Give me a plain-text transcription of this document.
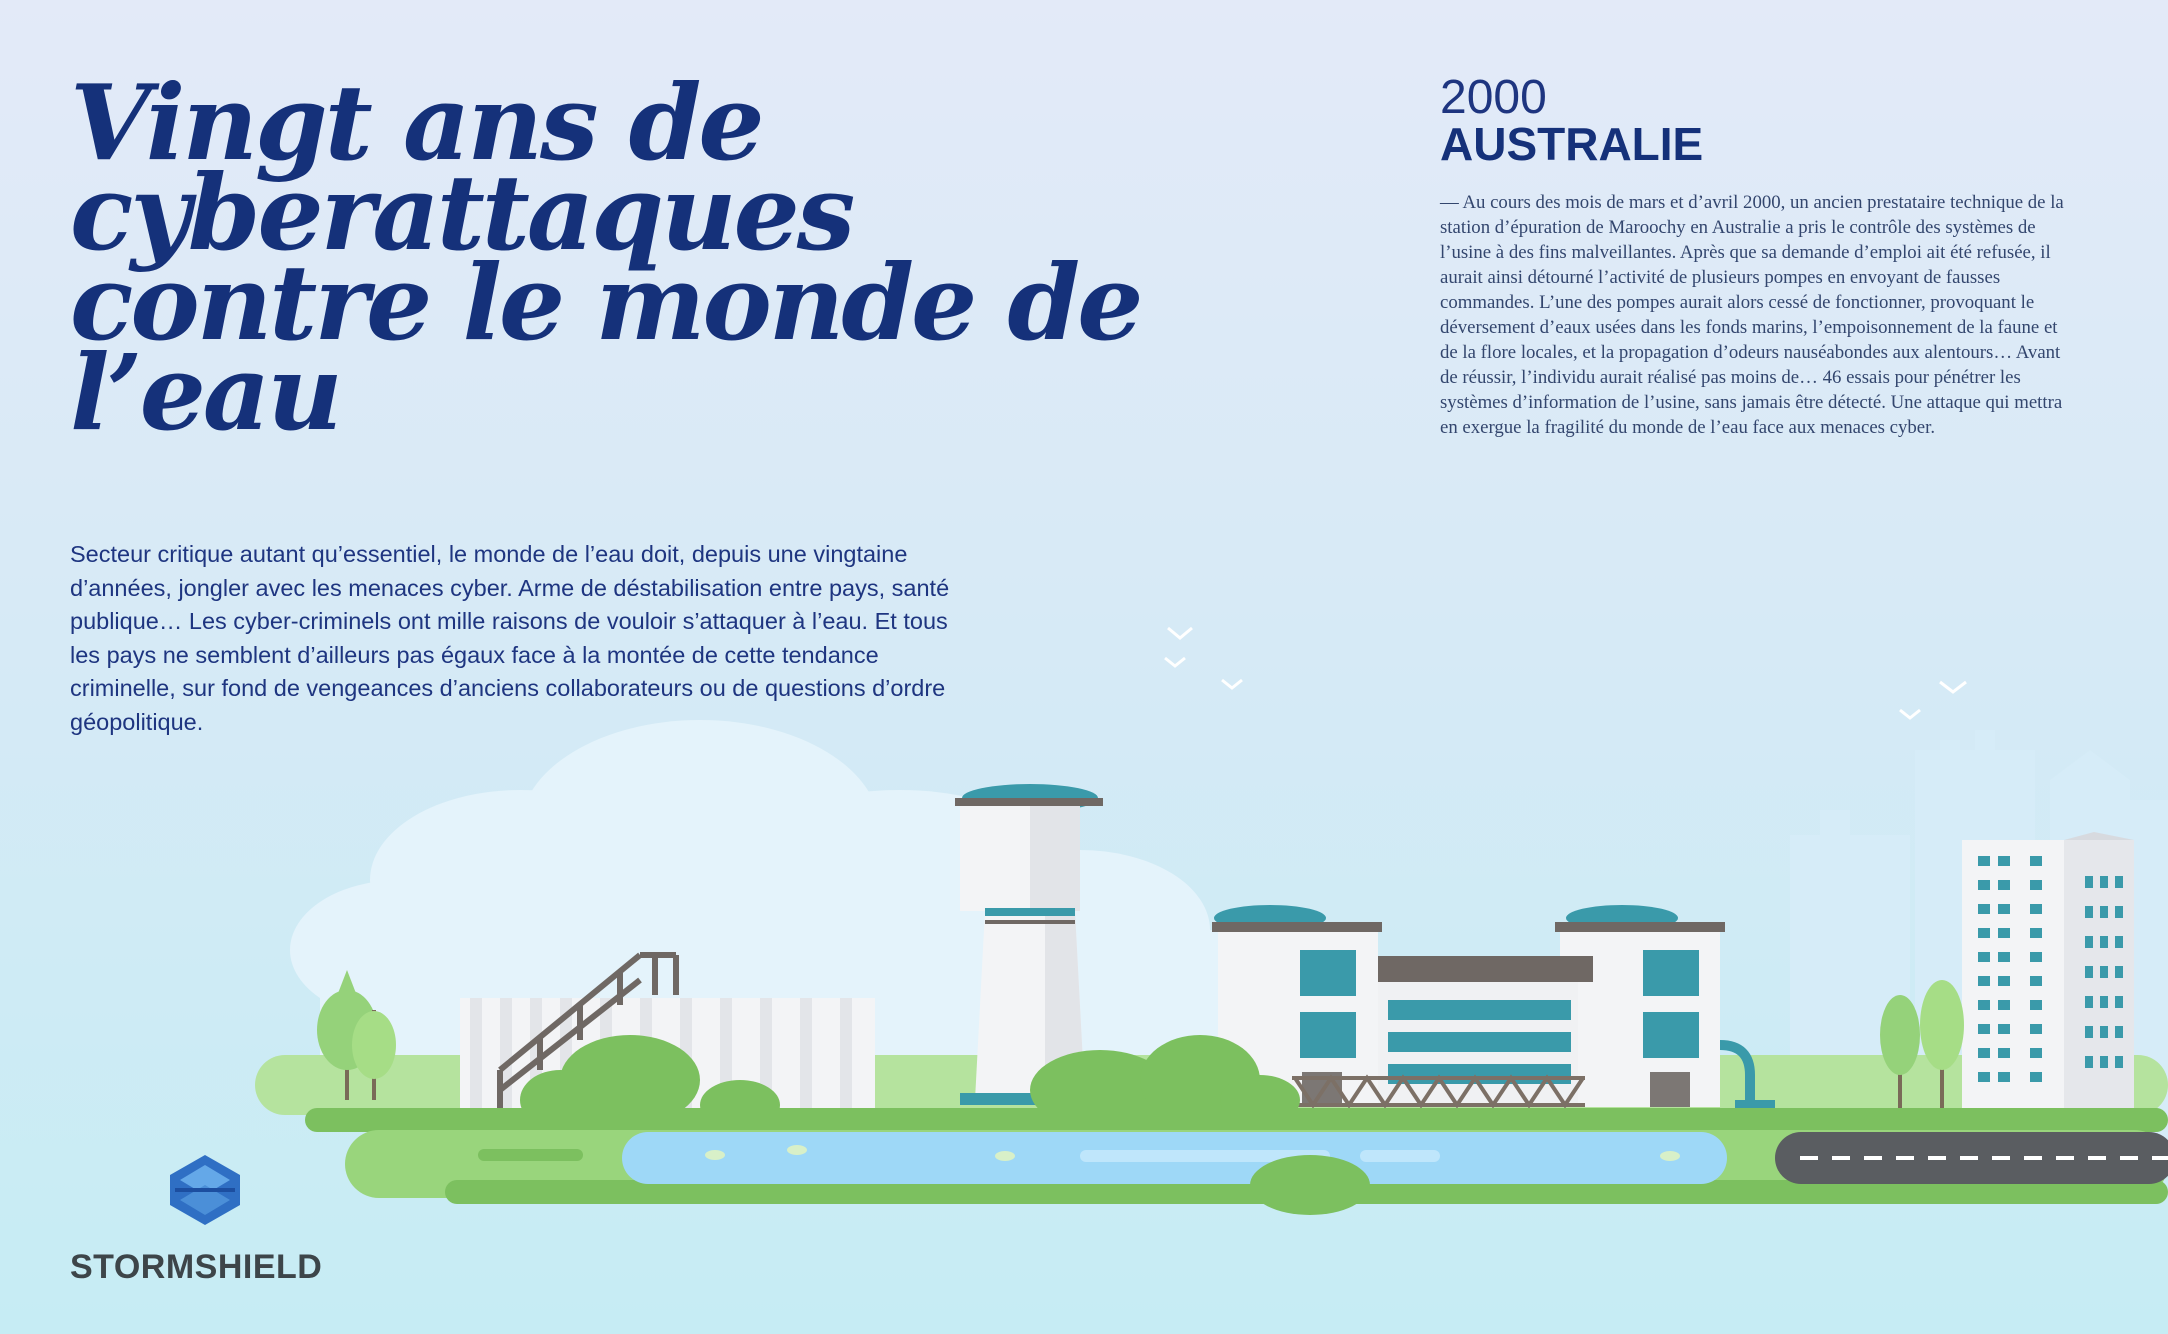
Vingt ans de cyberattaques contre le monde de l’eau

Secteur critique autant qu’essentiel, le monde de l’eau doit, depuis une vingtaine d’années, jongler avec les menaces cyber. Arme de déstabilisation entre pays, santé publique… Les cyber-criminels ont mille raisons de vouloir s’attaquer à l’eau. Et tous les pays ne semblent d’ailleurs pas égaux face à la montée de cette tendance criminelle, sur fond de vengeances d’anciens collaborateurs ou de questions d’ordre géopolitique.

2000
AUSTRALIE

— Au cours des mois de mars et d’avril 2000, un ancien prestataire technique de la station d’épuration de Maroochy en Australie a pris le contrôle des systèmes de l’usine à des fins malveillantes. Après que sa demande d’emploi ait été refusée, il aurait ainsi détourné l’activité de plusieurs pompes en envoyant de fausses commandes. L’une des pompes aurait alors cessé de fonctionner, provoquant le déversement d’eaux usées dans les fonds marins, l’empoisonnement de la faune et de la flore locales, et la propagation d’odeurs nauséabondes aux alentours… Avant de réussir, l’individu aurait réalisé pas moins de… 46 essais pour pénétrer les systèmes d’information de l’usine, sans jamais être détecté. Une attaque qui mettra en exergue la fragilité du monde de l’eau face aux menaces cyber.

STORMSHIELD
